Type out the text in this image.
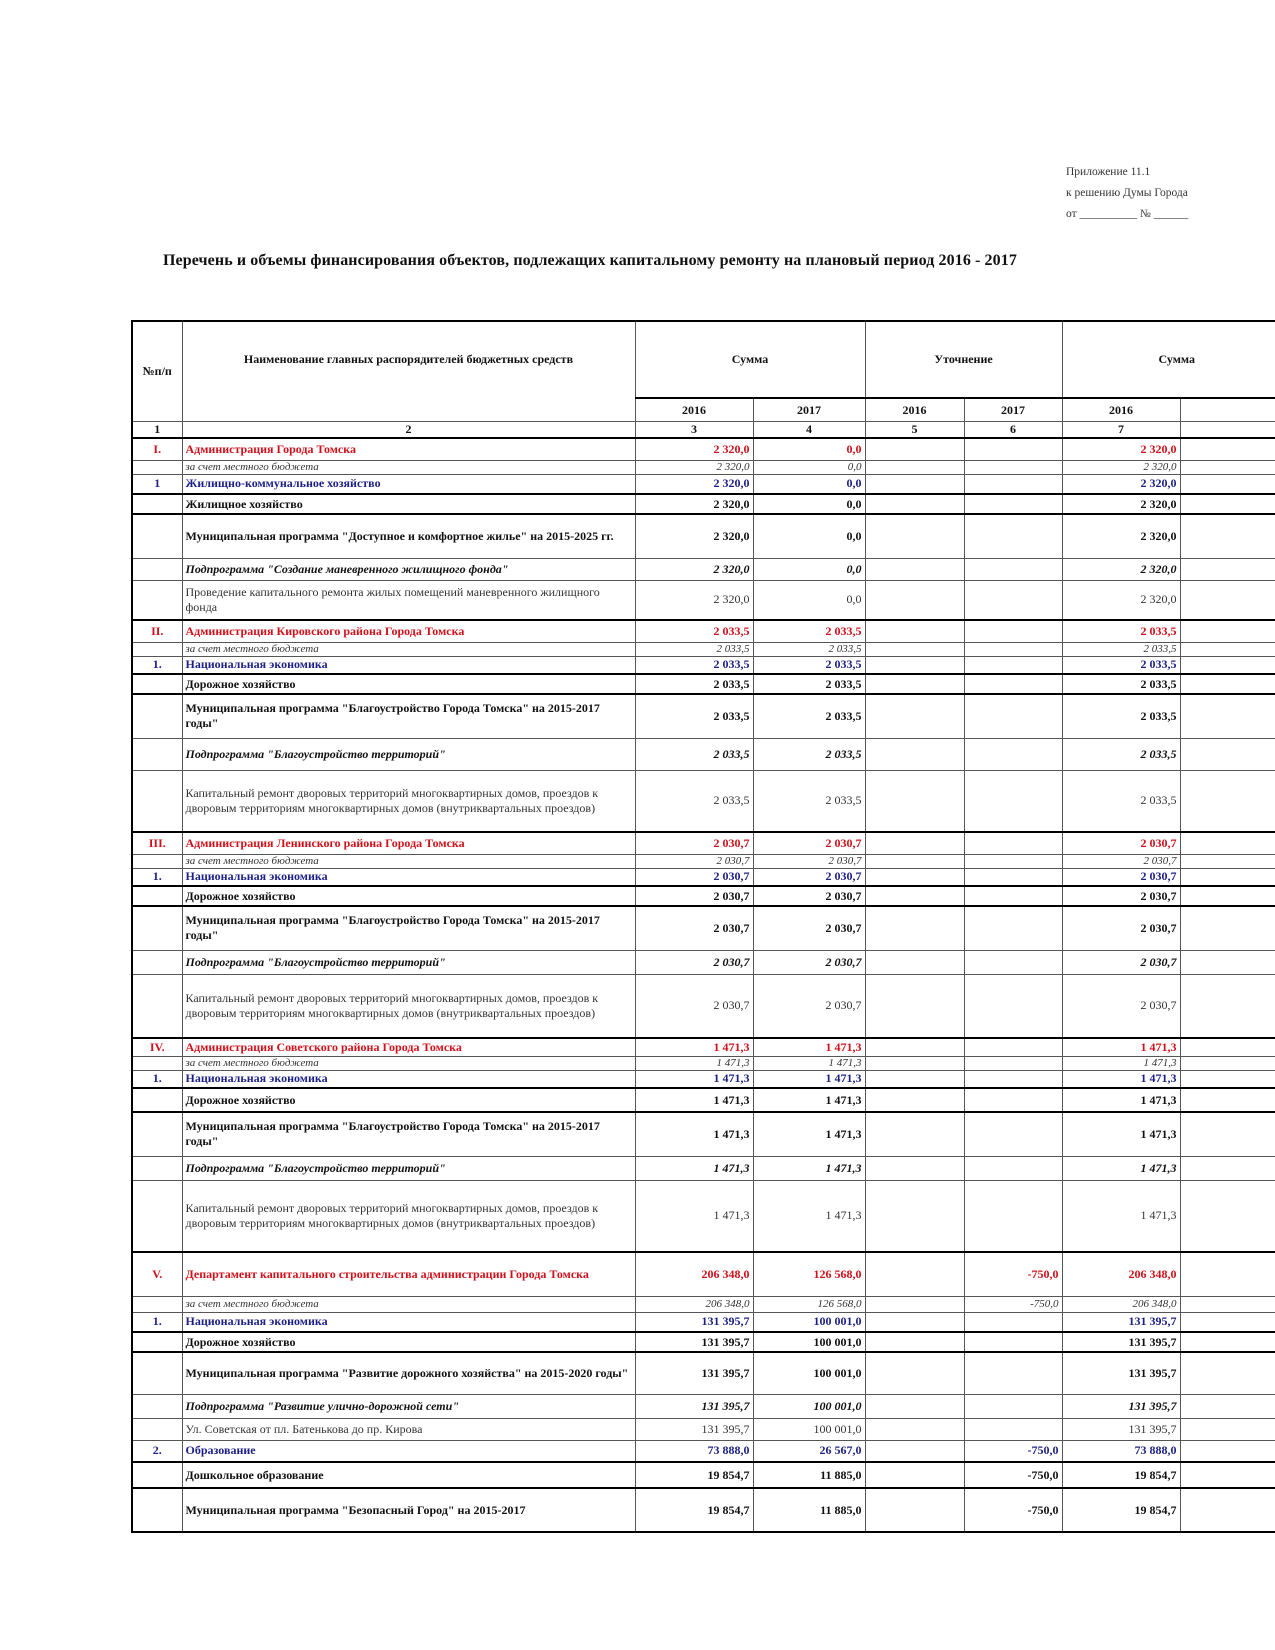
Приложение 11.1
к решению Думы Города
от __________ № ______
Перечень и объемы финансирования объектов, подлежащих капитальному ремонту на плановый период 2016 - 2017
№п/п	Наименование главных распорядителей бюджетных средств	Сумма		Уточнение		Сумма	
		2016	2017	2016	2017	2016	
1	2	3	4	5	6	7	
I.	Администрация Города Томска	2 320,0	0,0			2 320,0	
	за счет местного бюджета	2 320,0	0,0			2 320,0	
1	Жилищно-коммунальное хозяйство	2 320,0	0,0			2 320,0	
	Жилищное хозяйство	2 320,0	0,0			2 320,0	
	Муниципальная программа "Доступное и комфортное жилье" на 2015-2025 гг.	2 320,0	0,0			2 320,0	
	Подпрограмма "Создание маневренного жилищного фонда"	2 320,0	0,0			2 320,0	
	Проведение капитального ремонта жилых помещений маневренного жилищного фонда	2 320,0	0,0			2 320,0	
II.	Администрация Кировского района Города Томска	2 033,5	2 033,5			2 033,5	
	за счет местного бюджета	2 033,5	2 033,5			2 033,5	
1.	Национальная экономика	2 033,5	2 033,5			2 033,5	
	Дорожное хозяйство	2 033,5	2 033,5			2 033,5	
	Муниципальная программа "Благоустройство Города Томска" на 2015-2017 годы"	2 033,5	2 033,5			2 033,5	
	Подпрограмма "Благоустройство территорий"	2 033,5	2 033,5			2 033,5	
	Капитальный ремонт дворовых территорий многоквартирных домов, проездов к дворовым территориям многоквартирных домов (внутриквартальных проездов)	2 033,5	2 033,5			2 033,5	
III.	Администрация Ленинского района Города Томска	2 030,7	2 030,7			2 030,7	
	за счет местного бюджета	2 030,7	2 030,7			2 030,7	
1.	Национальная экономика	2 030,7	2 030,7			2 030,7	
	Дорожное хозяйство	2 030,7	2 030,7			2 030,7	
	Муниципальная программа "Благоустройство Города Томска" на 2015-2017 годы"	2 030,7	2 030,7			2 030,7	
	Подпрограмма "Благоустройство территорий"	2 030,7	2 030,7			2 030,7	
	Капитальный ремонт дворовых территорий многоквартирных домов, проездов к дворовым территориям многоквартирных домов (внутриквартальных проездов)	2 030,7	2 030,7			2 030,7	
IV.	Администрация Советского района Города Томска	1 471,3	1 471,3			1 471,3	
	за счет местного бюджета	1 471,3	1 471,3			1 471,3	
1.	Национальная экономика	1 471,3	1 471,3			1 471,3	
	Дорожное хозяйство	1 471,3	1 471,3			1 471,3	
	Муниципальная программа "Благоустройство Города Томска" на 2015-2017 годы"	1 471,3	1 471,3			1 471,3	
	Подпрограмма "Благоустройство территорий"	1 471,3	1 471,3			1 471,3	
	Капитальный ремонт дворовых территорий многоквартирных домов, проездов к дворовым территориям многоквартирных домов (внутриквартальных проездов)	1 471,3	1 471,3			1 471,3	
V.	Департамент капитального строительства администрации Города Томска	206 348,0	126 568,0		-750,0	206 348,0	
	за счет местного бюджета	206 348,0	126 568,0		-750,0	206 348,0	
1.	Национальная экономика	131 395,7	100 001,0			131 395,7	
	Дорожное хозяйство	131 395,7	100 001,0			131 395,7	
	Муниципальная программа "Развитие дорожного хозяйства" на 2015-2020 годы"	131 395,7	100 001,0			131 395,7	
	Подпрограмма "Развитие улично-дорожной сети"	131 395,7	100 001,0			131 395,7	
	Ул. Советская от пл. Батенькова до пр. Кирова	131 395,7	100 001,0			131 395,7	
2.	Образование	73 888,0	26 567,0		-750,0	73 888,0	
	Дошкольное образование	19 854,7	11 885,0		-750,0	19 854,7	
	Муниципальная программа "Безопасный Город" на 2015-2017	19 854,7	11 885,0		-750,0	19 854,7	
